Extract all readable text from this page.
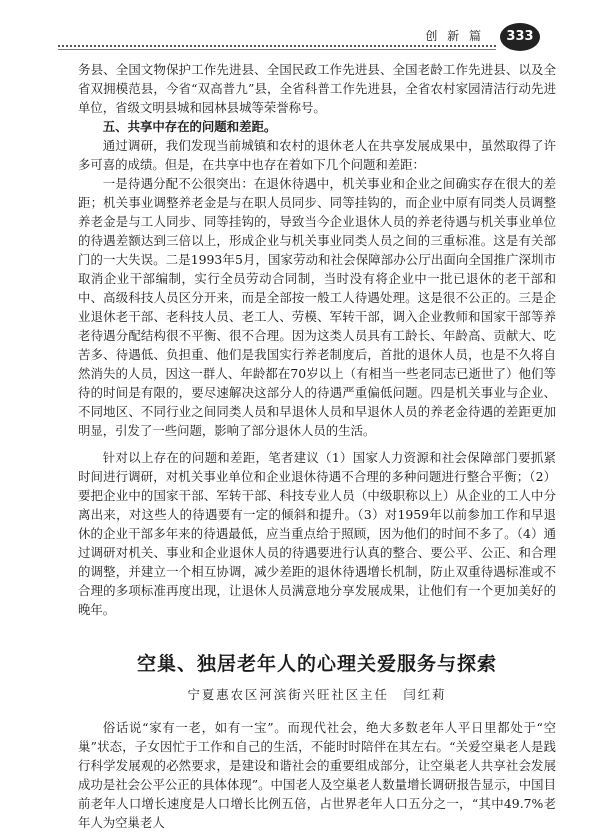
创 新 篇	333

务县、全国文物保护工作先进县、全国民政工作先进县、全国老龄工作先进县、以及全省双拥模范县，今省“双高普九”县，全省科普工作先进县，全省农村家园清洁行动先进单位，省级文明县城和园林县城等荣誉称号。

五、共享中存在的问题和差距。

通过调研，我们发现当前城镇和农村的退休老人在共享发展成果中，虽然取得了许多可喜的成绩。但是，在共享中也存在着如下几个问题和差距：

一是待遇分配不公很突出：在退休待遇中，机关事业和企业之间确实存在很大的差距；机关事业调整养老金是与在职人员同步、同等挂钩的，而企业中原有同类人员调整养老金是与工人同步、同等挂钩的，导致当今企业退休人员的养老待遇与机关事业单位的待遇差额达到三倍以上，形成企业与机关事业同类人员之间的三重标准。这是有关部门的一大失误。二是1993年5月，国家劳动和社会保障部办公厅出面向全国推广深圳市取消企业干部编制，实行全员劳动合同制，当时没有将企业中一批已退休的老干部和中、高级科技人员区分开来，而是全部按一般工人待遇处理。这是很不公正的。三是企业退休老干部、老科技人员、老工人、劳模、军转干部，调入企业教师和国家干部等养老待遇分配结构很不平衡、很不合理。因为这类人员具有工龄长、年龄高、贡献大、吃苦多、待遇低、负担重、他们是我国实行养老制度后，首批的退休人员，也是不久将自然消失的人员，因这一群人、年龄都在70岁以上（有相当一些老同志已逝世了）他们等待的时间是有限的，要尽速解决这部分人的待遇严重偏低问题。四是机关事业与企业、不同地区、不同行业之间同类人员和早退休人员和早退休人员的养老金待遇的差距更加明显，引发了一些问题，影响了部分退休人员的生活。

针对以上存在的问题和差距，笔者建议（1）国家人力资源和社会保障部门要抓紧时间进行调研，对机关事业单位和企业退休待遇不合理的多种问题进行整合平衡；（2）要把企业中的国家干部、军转干部、科技专业人员（中级职称以上）从企业的工人中分离出来，对这些人的待遇要有一定的倾斜和提升。（3）对1959年以前参加工作和早退休的企业干部多年来的待遇最低，应当重点给于照顾，因为他们的时间不多了。（4）通过调研对机关、事业和企业退休人员的待遇要进行认真的整合、要公平、公正、和合理的调整，并建立一个相互协调，减少差距的退休待遇增长机制，防止双重待遇标准或不合理的多项标准再度出现，让退休人员满意地分享发展成果，让他们有一个更加美好的晚年。

空巢、独居老年人的心理关爱服务与探索
宁夏惠农区河滨街兴旺社区主任　闫红莉

俗话说“家有一老，如有一宝”。而现代社会，绝大多数老年人平日里都处于“空巢”状态，子女因忙于工作和自己的生活，不能时时陪伴在其左右。“关爱空巢老人是践行科学发展观的必然要求，是建设和谐社会的重要组成部分，让空巢老人共享社会发展成功是社会公平公正的具体体现”。中国老人及空巢老人数量增长调研报告显示，中国目前老年人口增长速度是人口增长比例五倍，占世界老年人口五分之一，“其中49.7%老年人为空巢老人
